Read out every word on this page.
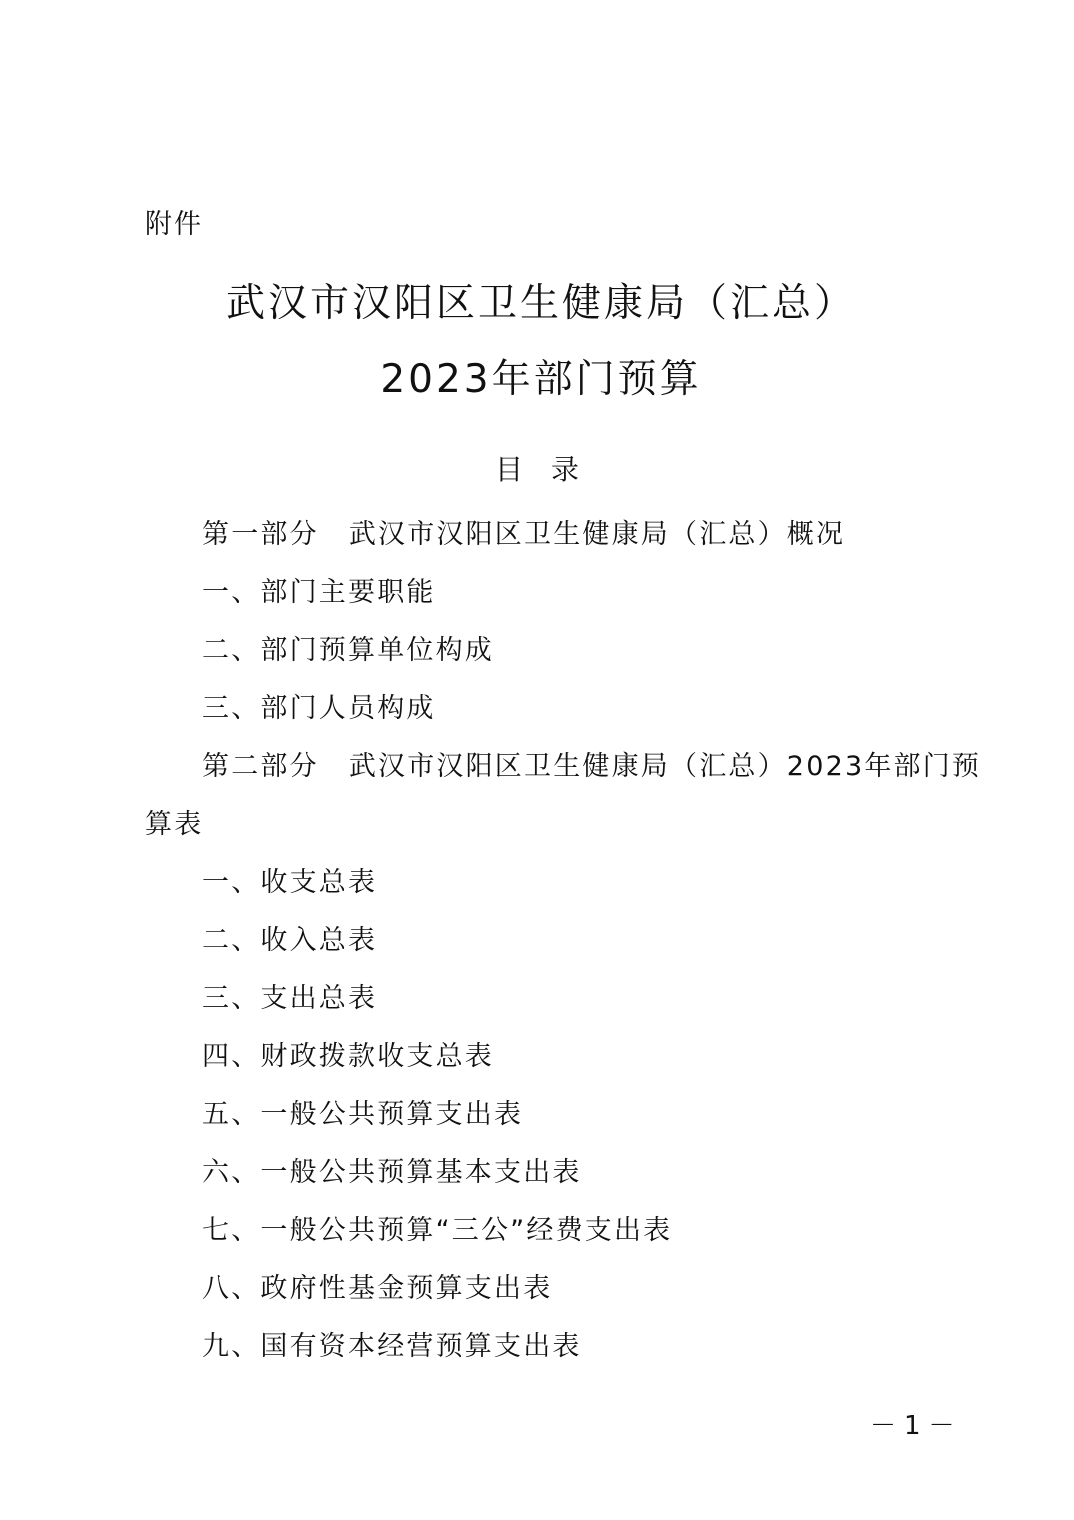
附件
武汉市汉阳区卫生健康局（汇总）
2023年部门预算
目 录
第一部分 武汉市汉阳区卫生健康局（汇总）概况
一、部门主要职能
二、部门预算单位构成
三、部门人员构成
第二部分 武汉市汉阳区卫生健康局（汇总）2023年部门预
算表
一、收支总表
二、收入总表
三、支出总表
四、财政拨款收支总表
五、一般公共预算支出表
六、一般公共预算基本支出表
七、一般公共预算“三公”经费支出表
八、政府性基金预算支出表
九、国有资本经营预算支出表
－1－
